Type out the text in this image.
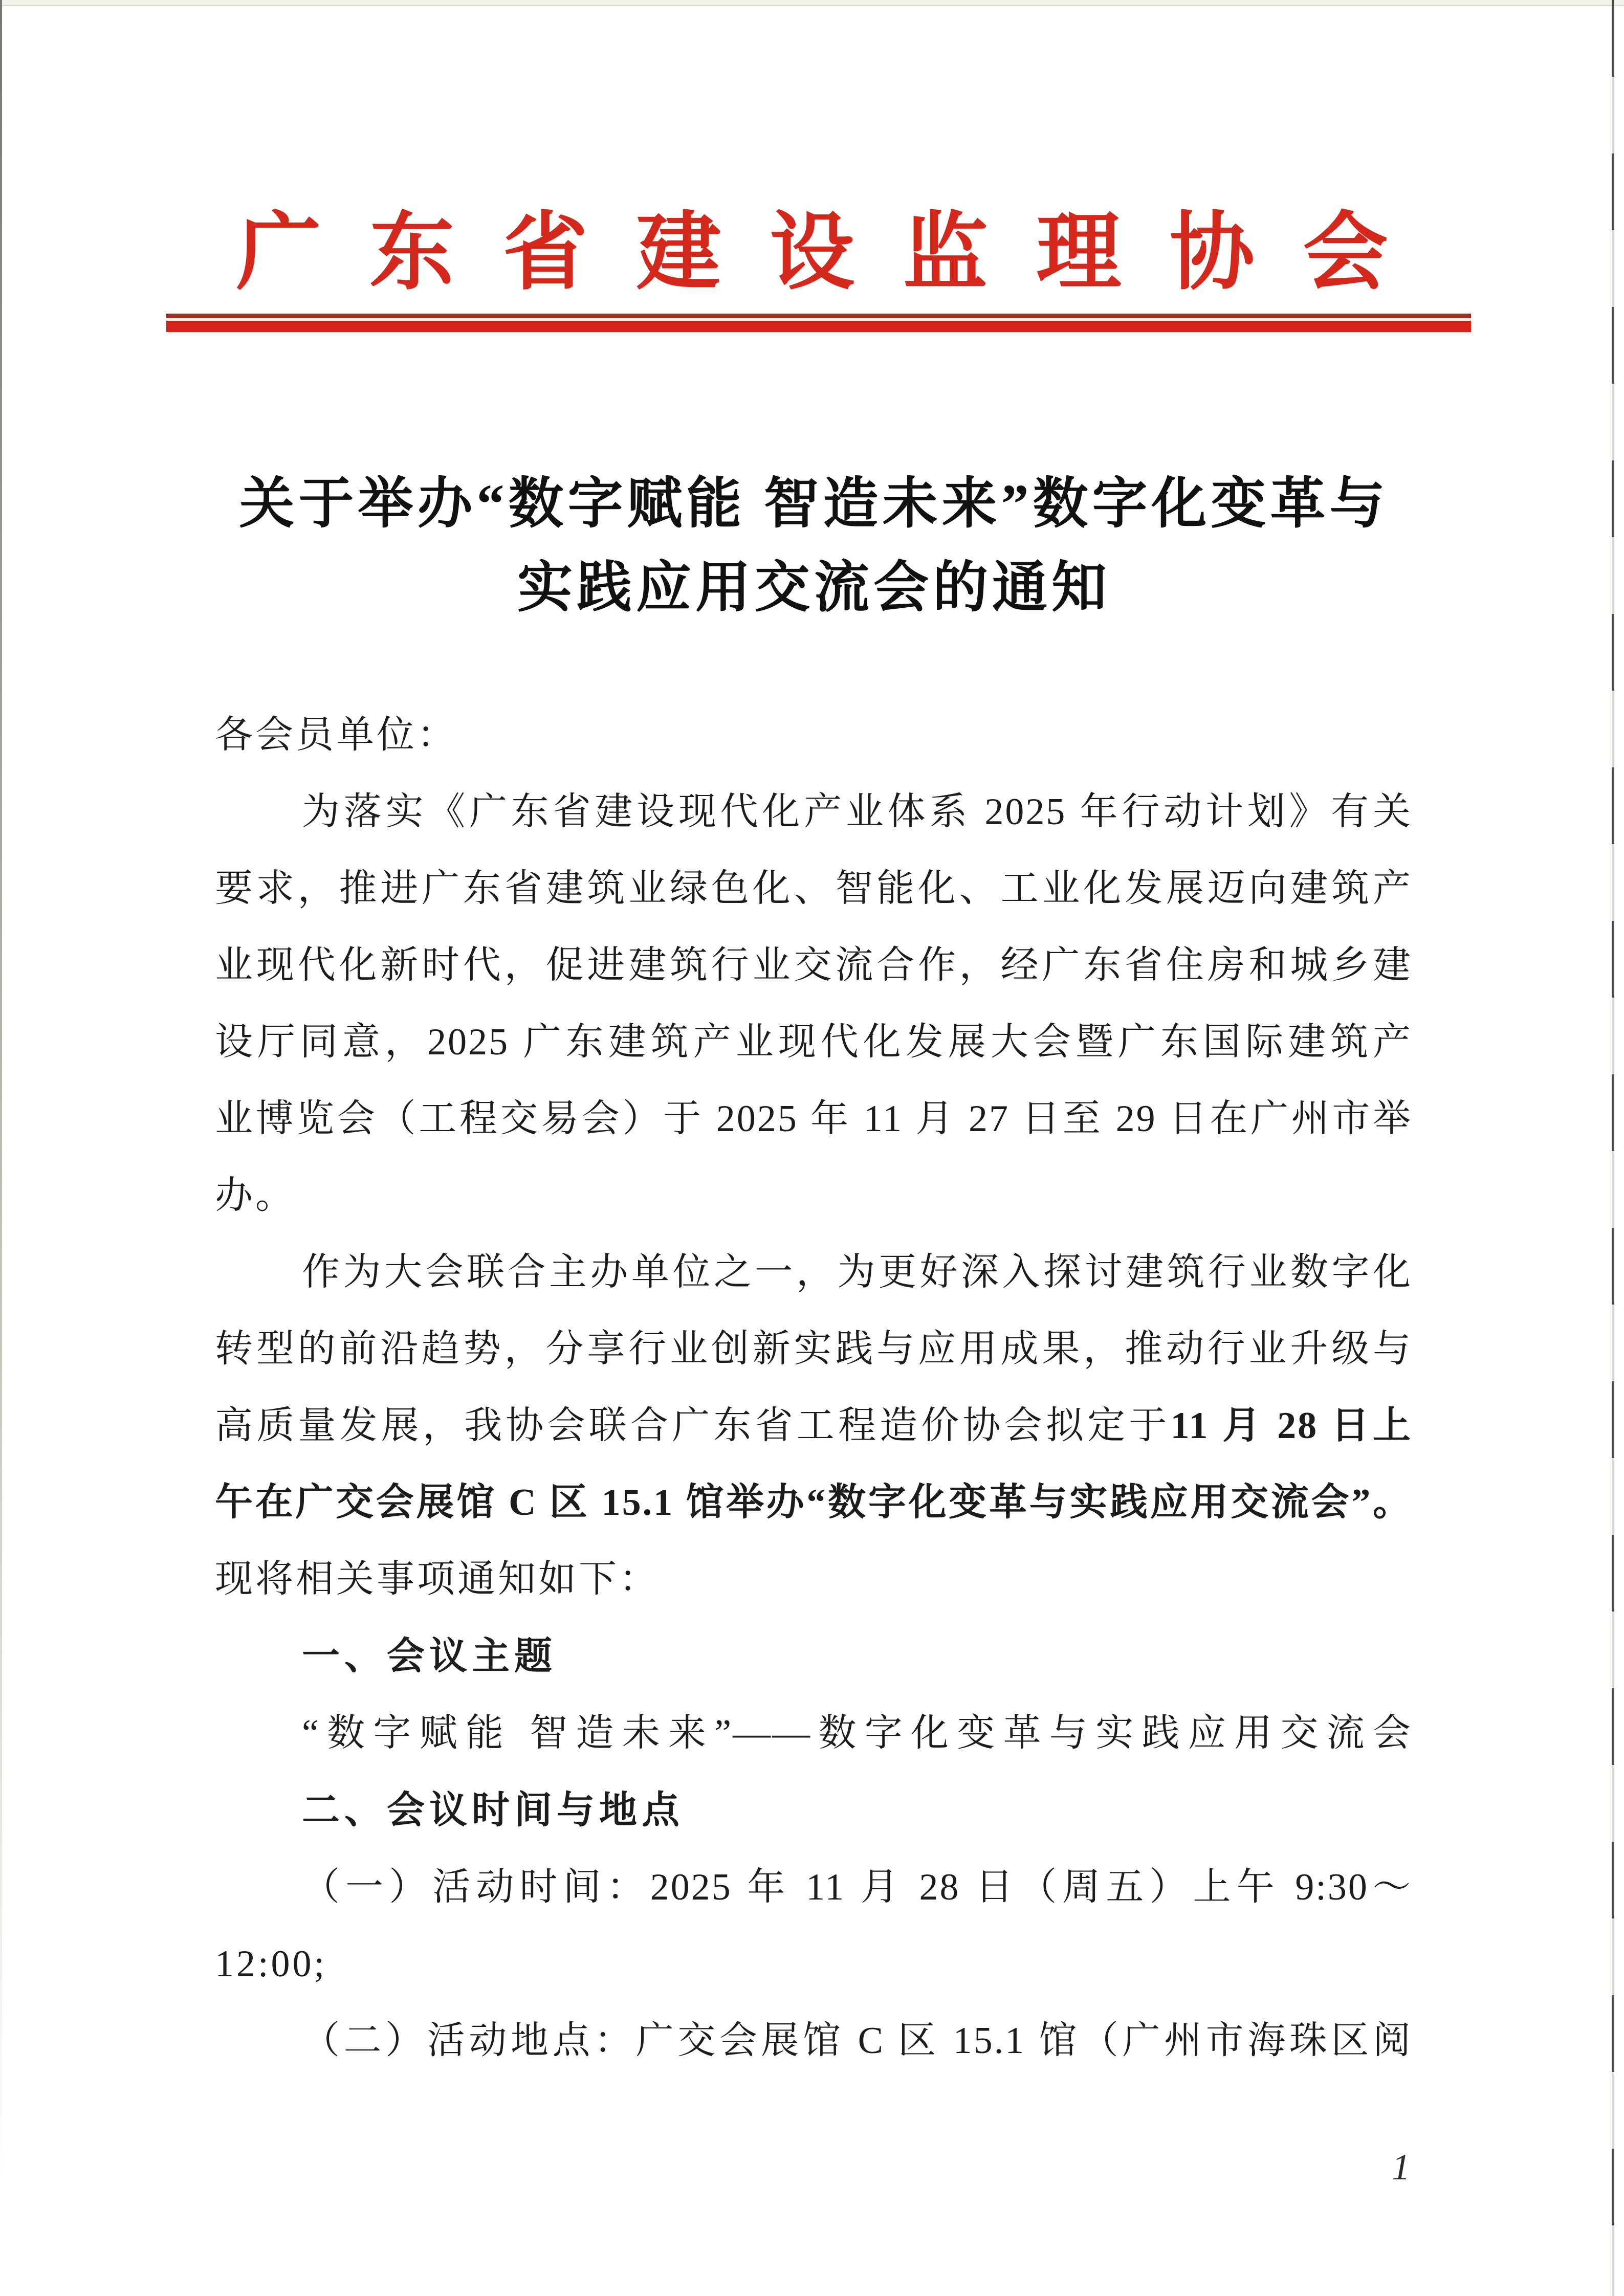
广东省建设监理协会
关于举办“数字赋能 智造未来”数字化变革与
实践应用交流会的通知
各会员单位：
为落实《广东省建设现代化产业体系 2025 年行动计划》有关
要求，推进广东省建筑业绿色化、智能化、工业化发展迈向建筑产
业现代化新时代，促进建筑行业交流合作，经广东省住房和城乡建
设厅同意，2025 广东建筑产业现代化发展大会暨广东国际建筑产
业博览会（工程交易会）于 2025 年 11 月 27 日至 29 日在广州市举
办。
作为大会联合主办单位之一，为更好深入探讨建筑行业数字化
转型的前沿趋势，分享行业创新实践与应用成果，推动行业升级与
高质量发展，我协会联合广东省工程造价协会拟定于11 月 28 日上
午在广交会展馆 C 区 15.1 馆举办“数字化变革与实践应用交流会”。
现将相关事项通知如下：
一、会议主题
“数字赋能 智造未来”——数字化变革与实践应用交流会
二、会议时间与地点
（一）活动时间：2025 年 11 月 28 日（周五）上午 9:30～
12:00;
（二）活动地点：广交会展馆 C 区 15.1 馆（广州市海珠区阅
1
